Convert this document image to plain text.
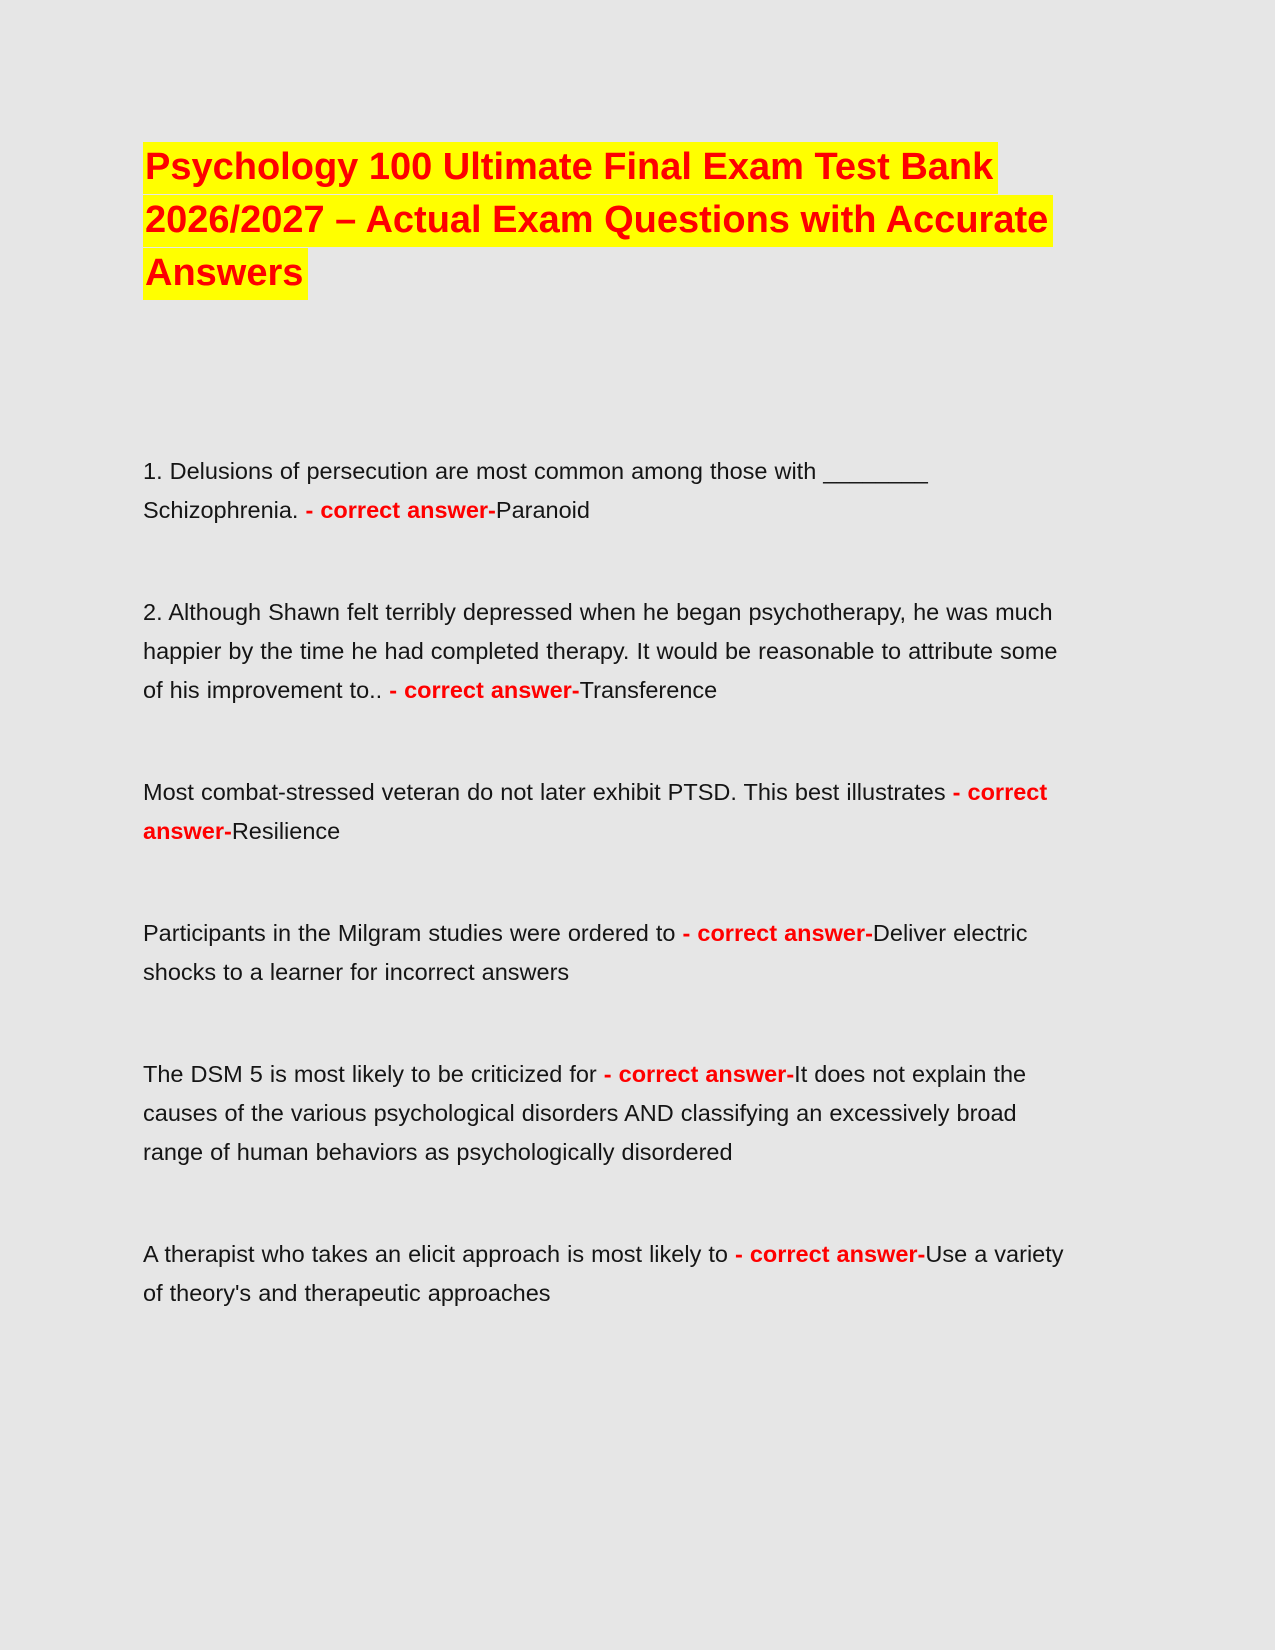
Psychology 100 Ultimate Final Exam Test Bank 2026/2027 – Actual Exam Questions with Accurate Answers

1. Delusions of persecution are most common among those with ________ Schizophrenia. - correct answer-Paranoid

2. Although Shawn felt terribly depressed when he began psychotherapy, he was much happier by the time he had completed therapy. It would be reasonable to attribute some of his improvement to.. - correct answer-Transference

Most combat-stressed veteran do not later exhibit PTSD. This best illustrates - correct answer-Resilience

Participants in the Milgram studies were ordered to - correct answer-Deliver electric shocks to a learner for incorrect answers

The DSM 5 is most likely to be criticized for - correct answer-It does not explain the causes of the various psychological disorders AND classifying an excessively broad range of human behaviors as psychologically disordered

A therapist who takes an elicit approach is most likely to - correct answer-Use a variety of theory's and therapeutic approaches
